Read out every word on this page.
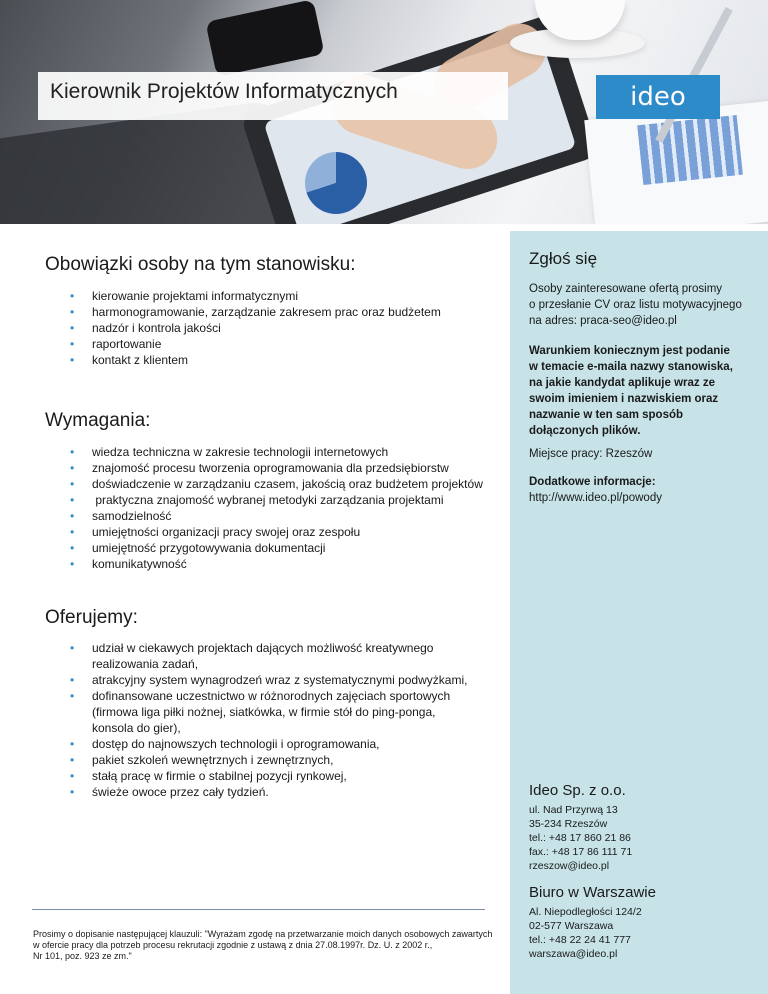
Kierownik Projektów Informatycznych	ideo
Obowiązki osoby na tym stanowisku:
• kierowanie projektami informatycznymi
• harmonogramowanie, zarządzanie zakresem prac oraz budżetem
• nadzór i kontrola jakości
• raportowanie
• kontakt z klientem
Wymagania:
• wiedza techniczna w zakresie technologii internetowych
• znajomość procesu tworzenia oprogramowania dla przedsiębiorstw
• doświadczenie w zarządzaniu czasem, jakością oraz budżetem projektów
•  praktyczna znajomość wybranej metodyki zarządzania projektami
• samodzielność
• umiejętności organizacji pracy swojej oraz zespołu
• umiejętność przygotowywania dokumentacji
• komunikatywność
Oferujemy:
• udział w ciekawych projektach dających możliwość kreatywnego
realizowania zadań,
• atrakcyjny system wynagrodzeń wraz z systematycznymi podwyżkami,
• dofinansowane uczestnictwo w różnorodnych zajęciach sportowych
(firmowa liga piłki nożnej, siatkówka, w firmie stół do ping-ponga,
konsola do gier),
• dostęp do najnowszych technologii i oprogramowania,
• pakiet szkoleń wewnętrznych i zewnętrznych,
• stałą pracę w firmie o stabilnej pozycji rynkowej,
• świeże owoce przez cały tydzień.
Prosimy o dopisanie następującej klauzuli: "Wyrażam zgodę na przetwarzanie moich danych osobowych zawartych
w ofercie pracy dla potrzeb procesu rekrutacji zgodnie z ustawą z dnia 27.08.1997r. Dz. U. z 2002 r.,
Nr 101, poz. 923 ze zm."
Zgłoś się
Osoby zainteresowane ofertą prosimy
o przesłanie CV oraz listu motywacyjnego
na adres: praca-seo@ideo.pl
Warunkiem koniecznym jest podanie
w temacie e-maila nazwy stanowiska,
na jakie kandydat aplikuje wraz ze
swoim imieniem i nazwiskiem oraz
nazwanie w ten sam sposób
dołączonych plików.
Miejsce pracy: Rzeszów
Dodatkowe informacje:
http://www.ideo.pl/powody
Ideo Sp. z o.o.
ul. Nad Przyrwą 13
35-234 Rzeszów
tel.: +48 17 860 21 86
fax.: +48 17 86 111 71
rzeszow@ideo.pl
Biuro w Warszawie
Al. Niepodległości 124/2
02-577 Warszawa
tel.: +48 22 24 41 777
warszawa@ideo.pl
